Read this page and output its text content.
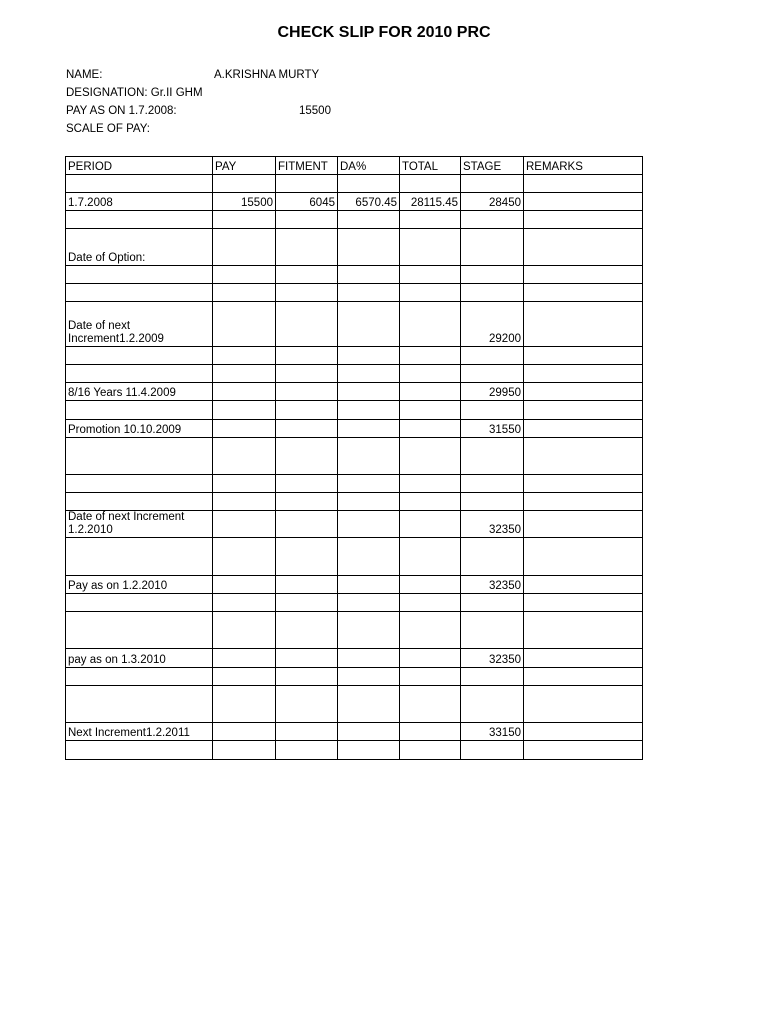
CHECK SLIP FOR 2010 PRC
NAME:	A.KRISHNA MURTY
DESIGNATION: Gr.II GHM
PAY AS ON 1.7.2008:	15500
SCALE OF PAY:
PERIOD	PAY	FITMENT	DA%	TOTAL	STAGE	REMARKS

1.7.2008	15500	6045	6570.45	28115.45	28450	

Date of Option:						

Date of next Increment1.2.2009					29200	

8/16 Years 11.4.2009					29950	

Promotion 10.10.2009					31550	

Date of next Increment 1.2.2010					32350	

Pay as on 1.2.2010					32350	

pay as on 1.3.2010					32350	

Next Increment1.2.2011					33150	
